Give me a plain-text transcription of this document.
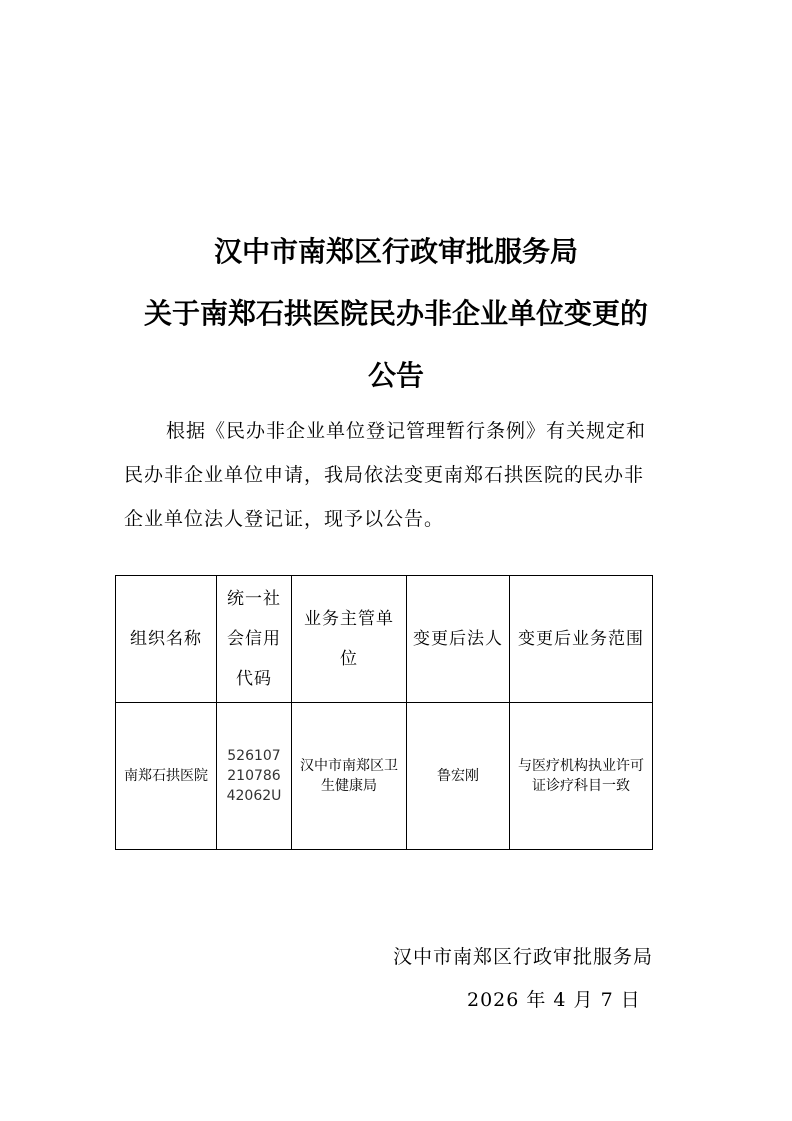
汉中市南郑区行政审批服务局
关于南郑石拱医院民办非企业单位变更的
公告
根据《民办非企业单位登记管理暂行条例》有关规定和
民办非企业单位申请，我局依法变更南郑石拱医院的民办非
企业单位法人登记证，现予以公告。
组织名称	统一社会信用代码	业务主管单位	变更后法人	变更后业务范围
南郑石拱医院	52610721078642062U	汉中市南郑区卫生健康局	鲁宏刚	与医疗机构执业许可证诊疗科目一致
汉中市南郑区行政审批服务局
2026 年 4 月 7 日
